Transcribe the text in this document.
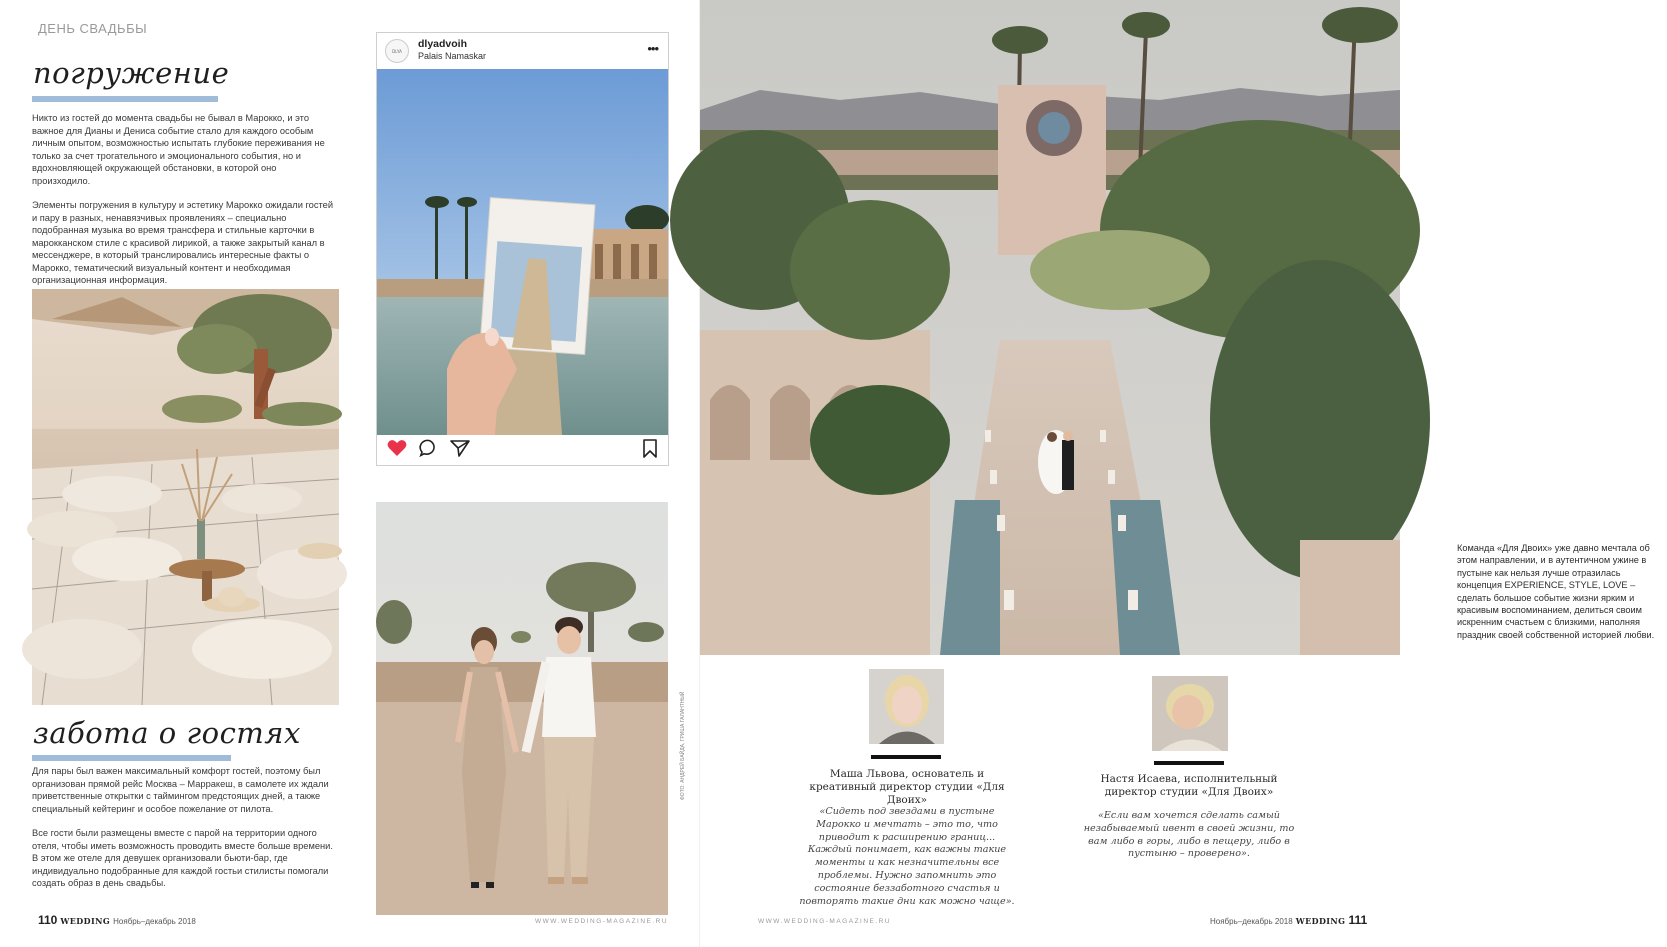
ДЕНЬ СВАДЬБЫ
погружение

Никто из гостей до момента свадьбы не бывал в Марокко, и это важное для Дианы и Дениса событие стало для каждого особым личным опытом, возможностью испытать глубокие переживания не только за счет трогательного и эмоционального события, но и вдохновляющей окружающей обстановки, в которой оно произходило.

Элементы погружения в культуру и эстетику Марокко ожидали гостей и пару в разных, ненавязчивых проявлениях – специально подобранная музыка во время трансфера и стильные карточки в марокканском стиле с красивой лирикой, а также закрытый канал в мессенджере, в который транслировались интересные факты о Марокко, тематический визуальный контент и необходимая организационная информация.

забота о гостях

Для пары был важен максимальный комфорт гостей, поэтому был организован прямой рейс Москва – Марракеш, в самолете их ждали приветственные открытки с таймингом предстоящих дней, а также специальный кейтеринг и особое пожелание от пилота.

Все гости были размещены вместе с парой на территории одного отеля, чтобы иметь возможность проводить вместе больше времени. В этом же отеле для девушек организовали бьюти-бар, где индивидуально подобранные для каждой гостьи стилисты помогали создать образ в день свадьбы.

DLYA
dlyadvoih
Palais Namaskar	•••
ФОТО: АНДРЕЙ БАЙДА, ГРИША ГАЛАНТНЫЙ
110 WEDDING Ноябрь–декабрь 2018	WWW.WEDDING-MAGAZINE.RU
Команда «Для Двоих» уже давно мечтала об этом направлении, и в аутентичном ужине в пустыне как нельзя лучше отразилась концепция EXPERIENCE, STYLE, LOVE – сделать большое событие жизни ярким и красивым воспоминанием, делиться своим искренним счастьем с близкими, наполняя праздник своей собственной историей любви.
Маша Львова, основатель и креативный директор студии «Для Двоих»
«Сидеть под звездами в пустыне Марокко и мечтать – это то, что приводит к расширению границ... Каждый понимает, как важны такие моменты и как незначительны все проблемы. Нужно запомнить это состояние беззаботного счастья и повторять такие дни как можно чаще».
Настя Исаева, исполнительный директор студии «Для Двоих»
«Если вам хочется сделать самый незабываемый ивент в своей жизни, то вам либо в горы, либо в пещеру, либо в пустыню – проверено».
WWW.WEDDING-MAGAZINE.RU	Ноябрь–декабрь 2018 WEDDING 111
